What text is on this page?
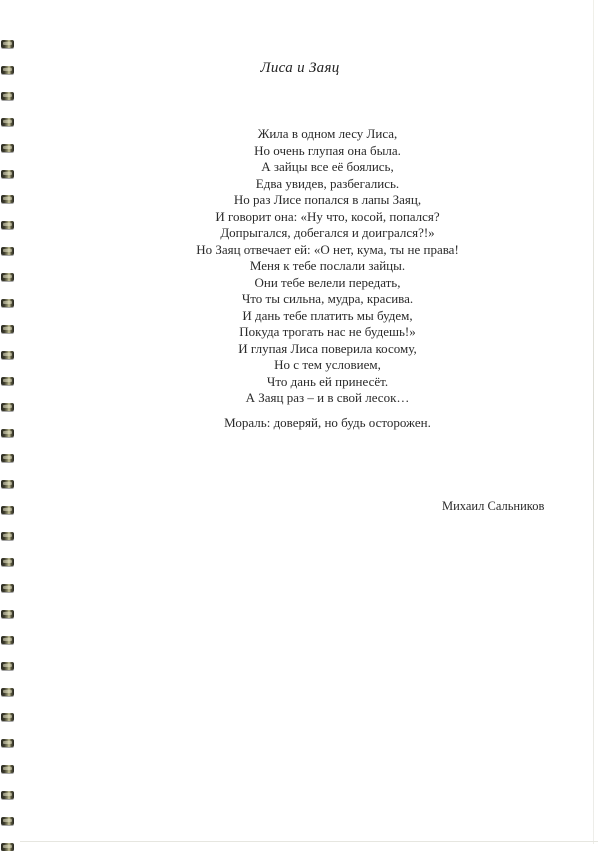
Лиса и Заяц
Жила в одном лесу Лиса,
Но очень глупая она была.
А зайцы все её боялись,
Едва увидев, разбегались.
Но раз Лисе попался в лапы Заяц,
И говорит она: «Ну что, косой, попался?
Допрыгался, добегался и доигрался?!»
Но Заяц отвечает ей: «О нет, кума, ты не права!
Меня к тебе послали зайцы.
Они тебе велели передать,
Что ты сильна, мудра, красива.
И дань тебе платить мы будем,
Покуда трогать нас не будешь!»
И глупая Лиса поверила косому,
Но с тем условием,
Что дань ей принесёт.
А Заяц раз – и в свой лесок…

Мораль: доверяй, но будь осторожен.

Михаил Сальников
